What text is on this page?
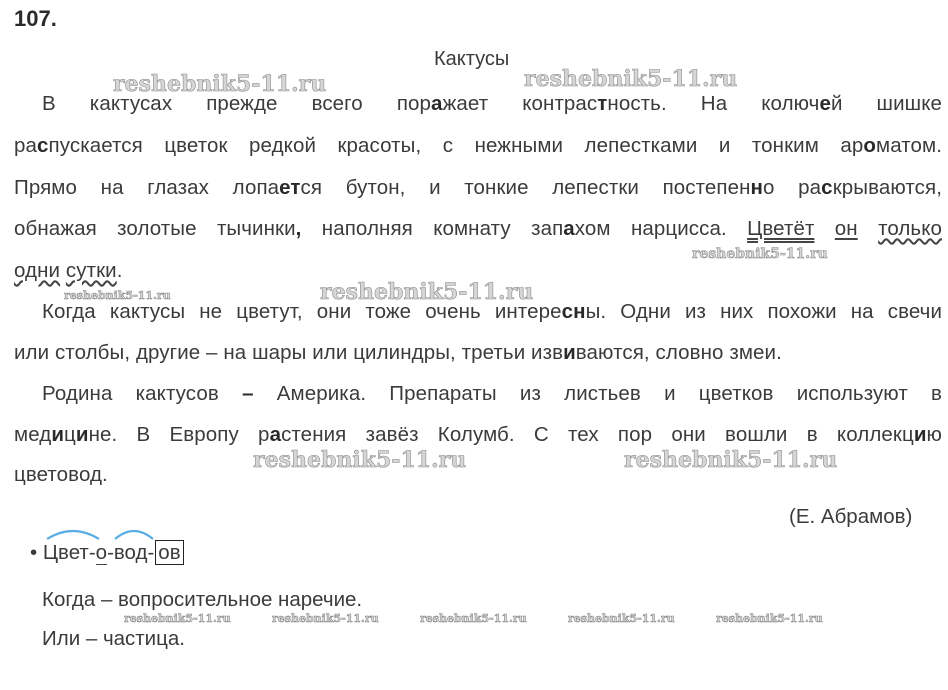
107.
Кактусы
В кактусах прежде всего поражает контрастность. На колючей шишке
распускается цветок редкой красоты, с нежными лепестками и тонким ароматом.
Прямо на глазах лопается бутон, и тонкие лепестки постепенно раскрываются,
обнажая золотые тычинки, наполняя комнату запахом нарцисса. Цветёт он только
одни сутки.
Когда кактусы не цветут, они тоже очень интересны. Одни из них похожи на свечи
или столбы, другие – на шары или цилиндры, третьи извиваются, словно змеи.
Родина кактусов – Америка. Препараты из листьев и цветков используют в
медицине. В Европу растения завёз Колумб. С тех пор они вошли в коллекцию
цветовод.
(Е. Абрамов)
• Цвет-о-
вод- ов
Когда – вопросительное наречие.
Или – частица.
reshebnik5-11.ru	reshebnik5-11.ru
reshebnik5-11.ru
reshebnik5-11.ru	reshebnik5-11.ru
reshebnik5-11.ru	reshebnik5-11.ru
reshebnik5-11.ru	reshebnik5-11.ru	reshebnik5-11.ru	reshebnik5-11.ru	reshebnik5-11.ru
